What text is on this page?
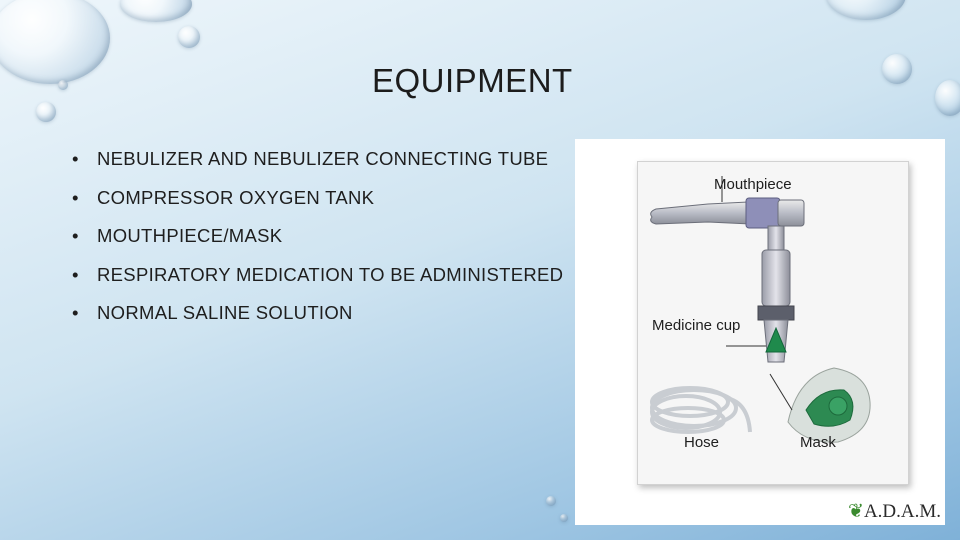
EQUIPMENT
• NEBULIZER AND NEBULIZER CONNECTING TUBE
• COMPRESSOR OXYGEN TANK
• MOUTHPIECE/MASK
• RESPIRATORY MEDICATION TO BE ADMINISTERED
• NORMAL SALINE SOLUTION
Mouthpiece
Medicine cup
Hose	Mask
❦A.D.A.M.
